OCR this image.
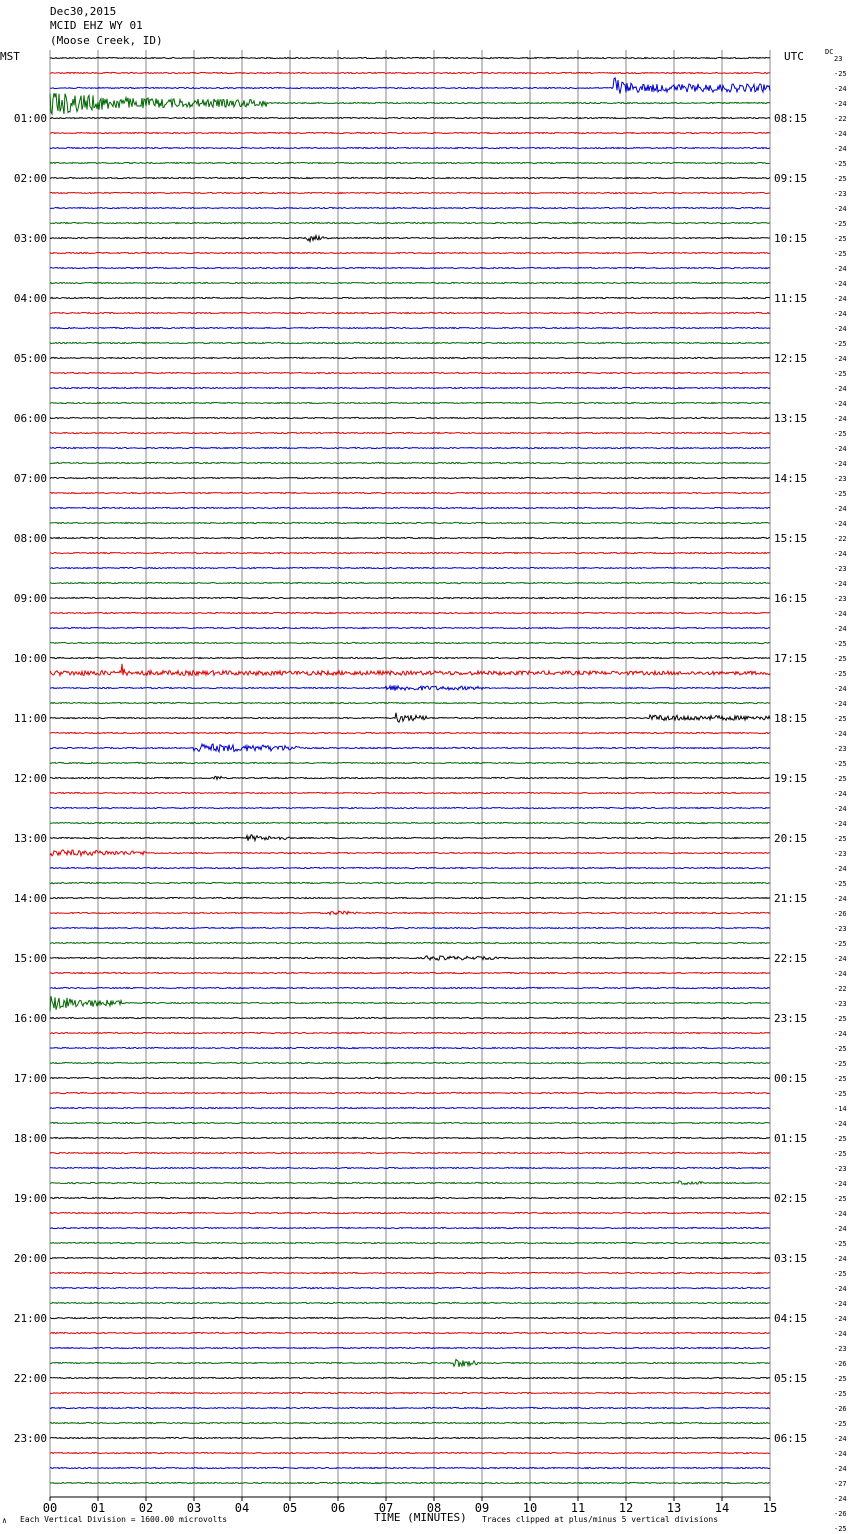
01:00	08:15
02:00	09:15
03:00	10:15
04:00	11:15
05:00	12:15
06:00	13:15
07:00	14:15
08:00	15:15
09:00	16:15
10:00	17:15
11:00	18:15
12:00	19:15
13:00	20:15
14:00	21:15
15:00	22:15
16:00	23:15
17:00	00:15
18:00	01:15
19:00	02:15
20:00	03:15
21:00	04:15
22:00	05:15
23:00	06:15
23
-25
-24
-24
-22
-24
-24
-25
-25
-23
-24
-25
-25
-25
-24
-24
-24
-24
-24
-25
-24
-25
-24
-24
-24
-25
-24
-24
-23
-25
-24
-24
-22
-24
-23
-24
-23
-24
-24
-25
-25
-25
-24
-24
-25
-24
-23
-25
-25
-24
-24
-24
-25
-23
-24
-25
-24
-26
-23
-25
-24
-24
-22
-23
-25
-24
-25
-25
-25
-25
-14
-24
-25
-25
-23
-24
-25
-24
-24
-25
-24
-25
-24
-24
-24
-24
-23
-26
-25
-25
-26
-25
-24
-24
-24
-27
-24
-26
-25
00	01	02	03	04	05	06	07	08	09	10	11	12	13	14	15
Dec30,2015
MCID EHZ WY 01
(Moose Creek, ID)
MST	UTC	DC
∧ Each Vertical Division = 1600.00 microvolts	Traces clipped at plus/minus 5 vertical divisions
TIME (MINUTES)
